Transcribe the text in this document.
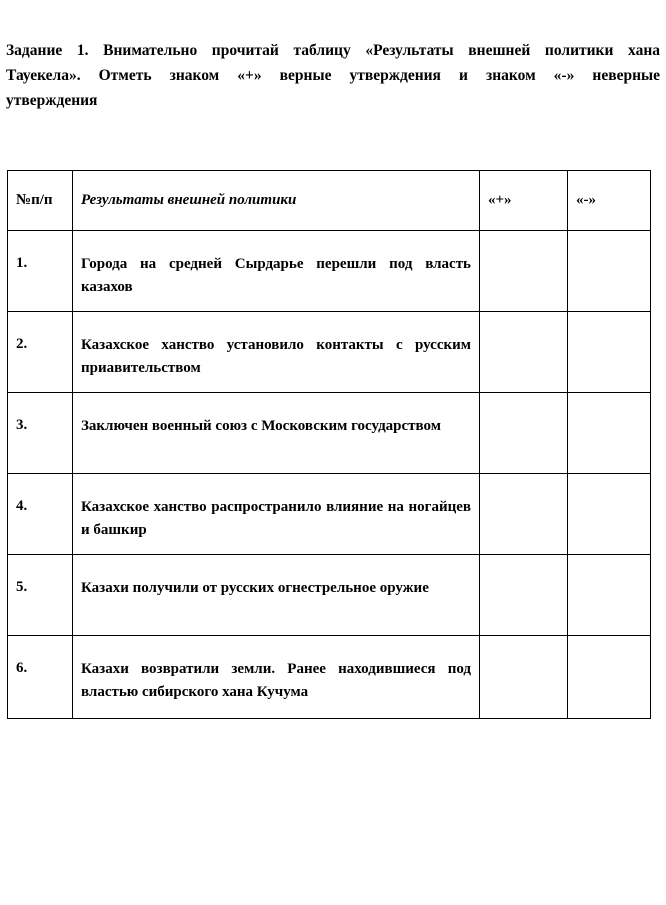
Задание 1. Внимательно прочитай таблицу «Результаты внешней политики хана
Тауекела». Отметь знаком «+» верные утверждения и знаком «-» неверные
утверждения
№п/п	Результаты внешней политики	«+»	«-»

1.	Города на средней Сырдарье перешли под власть казахов		

2.	Казахское ханство установило контакты с русским приавительством		

3.	Заключен военный союз с Московским государством		

4.	Казахское ханство распространило влияние на ногайцев и башкир		

5.	Казахи получили от русских огнестрельное оружие		

6.	Казахи возвратили земли. Ранее находившиеся под властью сибирского хана Кучума		
